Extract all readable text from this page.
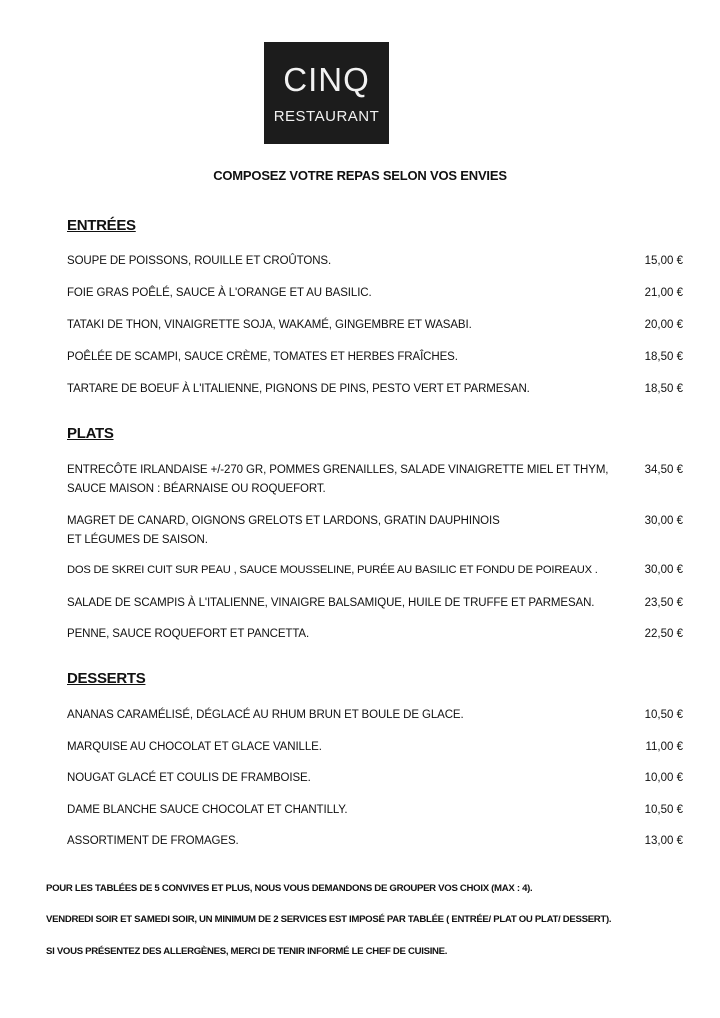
CINQ
RESTAURANT
COMPOSEZ VOTRE REPAS SELON VOS ENVIES
ENTRÉES
SOUPE DE POISSONS, ROUILLE ET CROÛTONS.	15,00 €
FOIE GRAS POÊLÉ, SAUCE À L'ORANGE ET AU BASILIC.	21,00 €
TATAKI DE THON, VINAIGRETTE SOJA, WAKAMÉ, GINGEMBRE ET WASABI.	20,00 €
POÊLÉE DE SCAMPI, SAUCE CRÈME, TOMATES ET HERBES FRAÎCHES.	18,50 €
TARTARE DE BOEUF À L'ITALIENNE, PIGNONS DE PINS, PESTO VERT ET PARMESAN.	18,50 €
PLATS
ENTRECÔTE IRLANDAISE +/-270 GR, POMMES GRENAILLES, SALADE VINAIGRETTE MIEL ET THYM,
SAUCE MAISON : BÉARNAISE OU ROQUEFORT.
34,50 €
MAGRET DE CANARD, OIGNONS GRELOTS ET LARDONS, GRATIN DAUPHINOIS
ET LÉGUMES DE SAISON.
30,00 €
DOS DE SKREI CUIT SUR PEAU , SAUCE MOUSSELINE, PURÉE AU BASILIC ET FONDU DE POIREAUX .	30,00 €
SALADE DE SCAMPIS À L'ITALIENNE, VINAIGRE BALSAMIQUE, HUILE DE TRUFFE ET PARMESAN.	23,50 €
PENNE, SAUCE ROQUEFORT ET PANCETTA.	22,50 €
DESSERTS
ANANAS CARAMÉLISÉ, DÉGLACÉ AU RHUM BRUN ET BOULE DE GLACE.	10,50 €
MARQUISE AU CHOCOLAT ET GLACE VANILLE.	11,00 €
NOUGAT GLACÉ ET COULIS DE FRAMBOISE.	10,00 €
DAME BLANCHE SAUCE CHOCOLAT ET CHANTILLY.	10,50 €
ASSORTIMENT DE FROMAGES.	13,00 €
POUR LES TABLÉES DE 5 CONVIVES ET PLUS, NOUS VOUS DEMANDONS DE GROUPER VOS CHOIX (MAX : 4).
VENDREDI SOIR ET SAMEDI SOIR, UN MINIMUM DE 2 SERVICES EST IMPOSÉ PAR TABLÉE ( ENTRÉE/ PLAT OU PLAT/ DESSERT).
SI VOUS PRÉSENTEZ DES ALLERGÈNES, MERCI DE TENIR INFORMÉ LE CHEF DE CUISINE.
